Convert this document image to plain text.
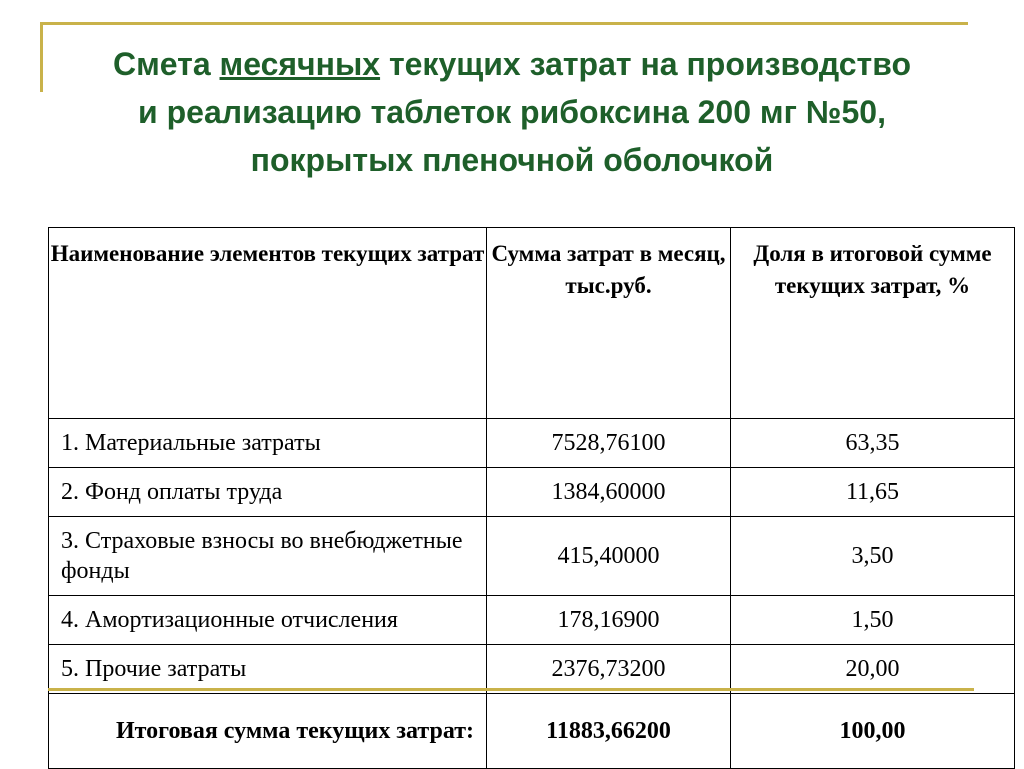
Смета месячных текущих затрат на производство
и реализацию таблеток рибоксина 200 мг №50,
покрытых пленочной оболочкой
Наименование элементов текущих затрат	Сумма затрат в месяц, тыс.руб.	Доля в итоговой сумме текущих затрат, %
1. Материальные затраты	7528,76100	63,35
2. Фонд оплаты труда	1384,60000	11,65
3. Страховые взносы во внебюджетные фонды	415,40000	3,50
4. Амортизационные отчисления	178,16900	1,50
5. Прочие затраты	2376,73200	20,00
Итоговая сумма текущих затрат:	11883,66200	100,00
